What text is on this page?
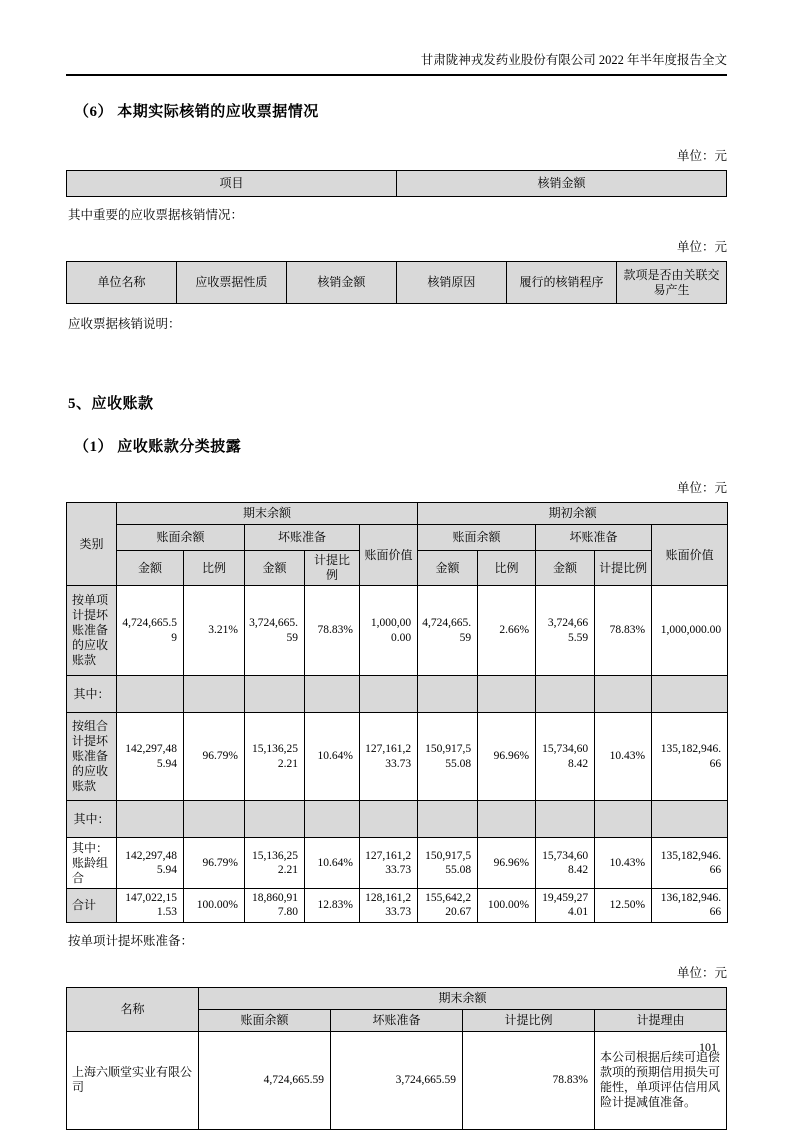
甘肃陇神戎发药业股份有限公司 2022 年半年度报告全文
（6） 本期实际核销的应收票据情况
单位：元
项目	核销金额
其中重要的应收票据核销情况：
单位：元
单位名称	应收票据性质	核销金额	核销原因	履行的核销程序	款项是否由关联交易产生
应收票据核销说明：
5、应收账款
（1） 应收账款分类披露
单位：元
类别	期末余额					期初余额				
	账面余额		坏账准备		账面价值	账面余额		坏账准备		账面价值
	金额	比例	金额	计提比例		金额	比例	金额	计提比例	
按单项计提坏账准备的应收账款	4,724,665.59	3.21%	3,724,665.59	78.83%	1,000,000.00	4,724,665.59	2.66%	3,724,665.59	78.83%	1,000,000.00
其中：										
按组合计提坏账准备的应收账款	142,297,485.94	96.79%	15,136,252.21	10.64%	127,161,233.73	150,917,555.08	96.96%	15,734,608.42	10.43%	135,182,946.66
其中：										
其中：账龄组合	142,297,485.94	96.79%	15,136,252.21	10.64%	127,161,233.73	150,917,555.08	96.96%	15,734,608.42	10.43%	135,182,946.66
合计	147,022,151.53	100.00%	18,860,917.80	12.83%	128,161,233.73	155,642,220.67	100.00%	19,459,274.01	12.50%	136,182,946.66
按单项计提坏账准备：
单位：元
名称	期末余额			
	账面余额	坏账准备	计提比例	计提理由
上海六顺堂实业有限公司	4,724,665.59	3,724,665.59	78.83%	本公司根据后续可追偿款项的预期信用损失可能性，单项评估信用风险计提减值准备。
101
